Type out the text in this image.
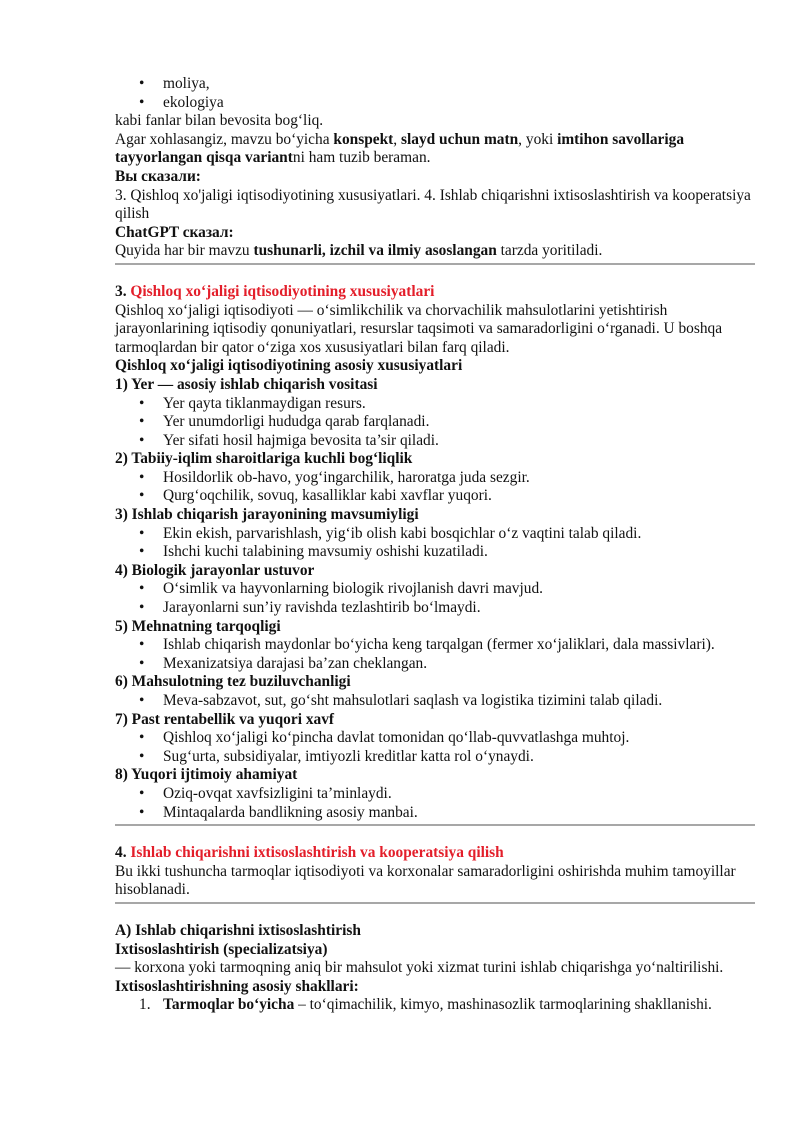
• moliya,
• ekologiya

kabi fanlar bilan bevosita bog‘liq.

Agar xohlasangiz, mavzu bo‘yicha konspekt, slayd uchun matn, yoki imtihon savollariga tayyorlangan qisqa variantni ham tuzib beraman.

Вы сказали:

3. Qishloq xo'jaligi iqtisodiyotining xususiyatlari. 4. Ishlab chiqarishni ixtisoslashtirish va kooperatsiya qilish

ChatGPT сказал:

Quyida har bir mavzu tushunarli, izchil va ilmiy asoslangan tarzda yoritiladi.

3. Qishloq xo‘jaligi iqtisodiyotining xususiyatlari

Qishloq xo‘jaligi iqtisodiyoti — o‘simlikchilik va chorvachilik mahsulotlarini yetishtirish jarayonlarining iqtisodiy qonuniyatlari, resurslar taqsimoti va samaradorligini o‘rganadi. U boshqa tarmoqlardan bir qator o‘ziga xos xususiyatlari bilan farq qiladi.

Qishloq xo‘jaligi iqtisodiyotining asosiy xususiyatlari

1) Yer — asosiy ishlab chiqarish vositasi

• Yer qayta tiklanmaydigan resurs.
• Yer unumdorligi hududga qarab farqlanadi.
• Yer sifati hosil hajmiga bevosita ta’sir qiladi.

2) Tabiiy-iqlim sharoitlariga kuchli bog‘liqlik

• Hosildorlik ob-havo, yog‘ingarchilik, haroratga juda sezgir.
• Qurg‘oqchilik, sovuq, kasalliklar kabi xavflar yuqori.

3) Ishlab chiqarish jarayonining mavsumiyligi

• Ekin ekish, parvarishlash, yig‘ib olish kabi bosqichlar o‘z vaqtini talab qiladi.
• Ishchi kuchi talabining mavsumiy oshishi kuzatiladi.

4) Biologik jarayonlar ustuvor

• O‘simlik va hayvonlarning biologik rivojlanish davri mavjud.
• Jarayonlarni sun’iy ravishda tezlashtirib bo‘lmaydi.

5) Mehnatning tarqoqligi

• Ishlab chiqarish maydonlar bo‘yicha keng tarqalgan (fermer xo‘jaliklari, dala massivlari).
• Mexanizatsiya darajasi ba’zan cheklangan.

6) Mahsulotning tez buziluvchanligi

• Meva-sabzavot, sut, go‘sht mahsulotlari saqlash va logistika tizimini talab qiladi.

7) Past rentabellik va yuqori xavf

• Qishloq xo‘jaligi ko‘pincha davlat tomonidan qo‘llab-quvvatlashga muhtoj.
• Sug‘urta, subsidiyalar, imtiyozli kreditlar katta rol o‘ynaydi.

8) Yuqori ijtimoiy ahamiyat

• Oziq-ovqat xavfsizligini ta’minlaydi.
• Mintaqalarda bandlikning asosiy manbai.

4. Ishlab chiqarishni ixtisoslashtirish va kooperatsiya qilish

Bu ikki tushuncha tarmoqlar iqtisodiyoti va korxonalar samaradorligini oshirishda muhim tamoyillar hisoblanadi.

A) Ishlab chiqarishni ixtisoslashtirish

Ixtisoslashtirish (specializatsiya)

— korxona yoki tarmoqning aniq bir mahsulot yoki xizmat turini ishlab chiqarishga yo‘naltirilishi.

Ixtisoslashtirishning asosiy shakllari:

1. Tarmoqlar bo‘yicha – to‘qimachilik, kimyo, mashinasozlik tarmoqlarining shakllanishi.
